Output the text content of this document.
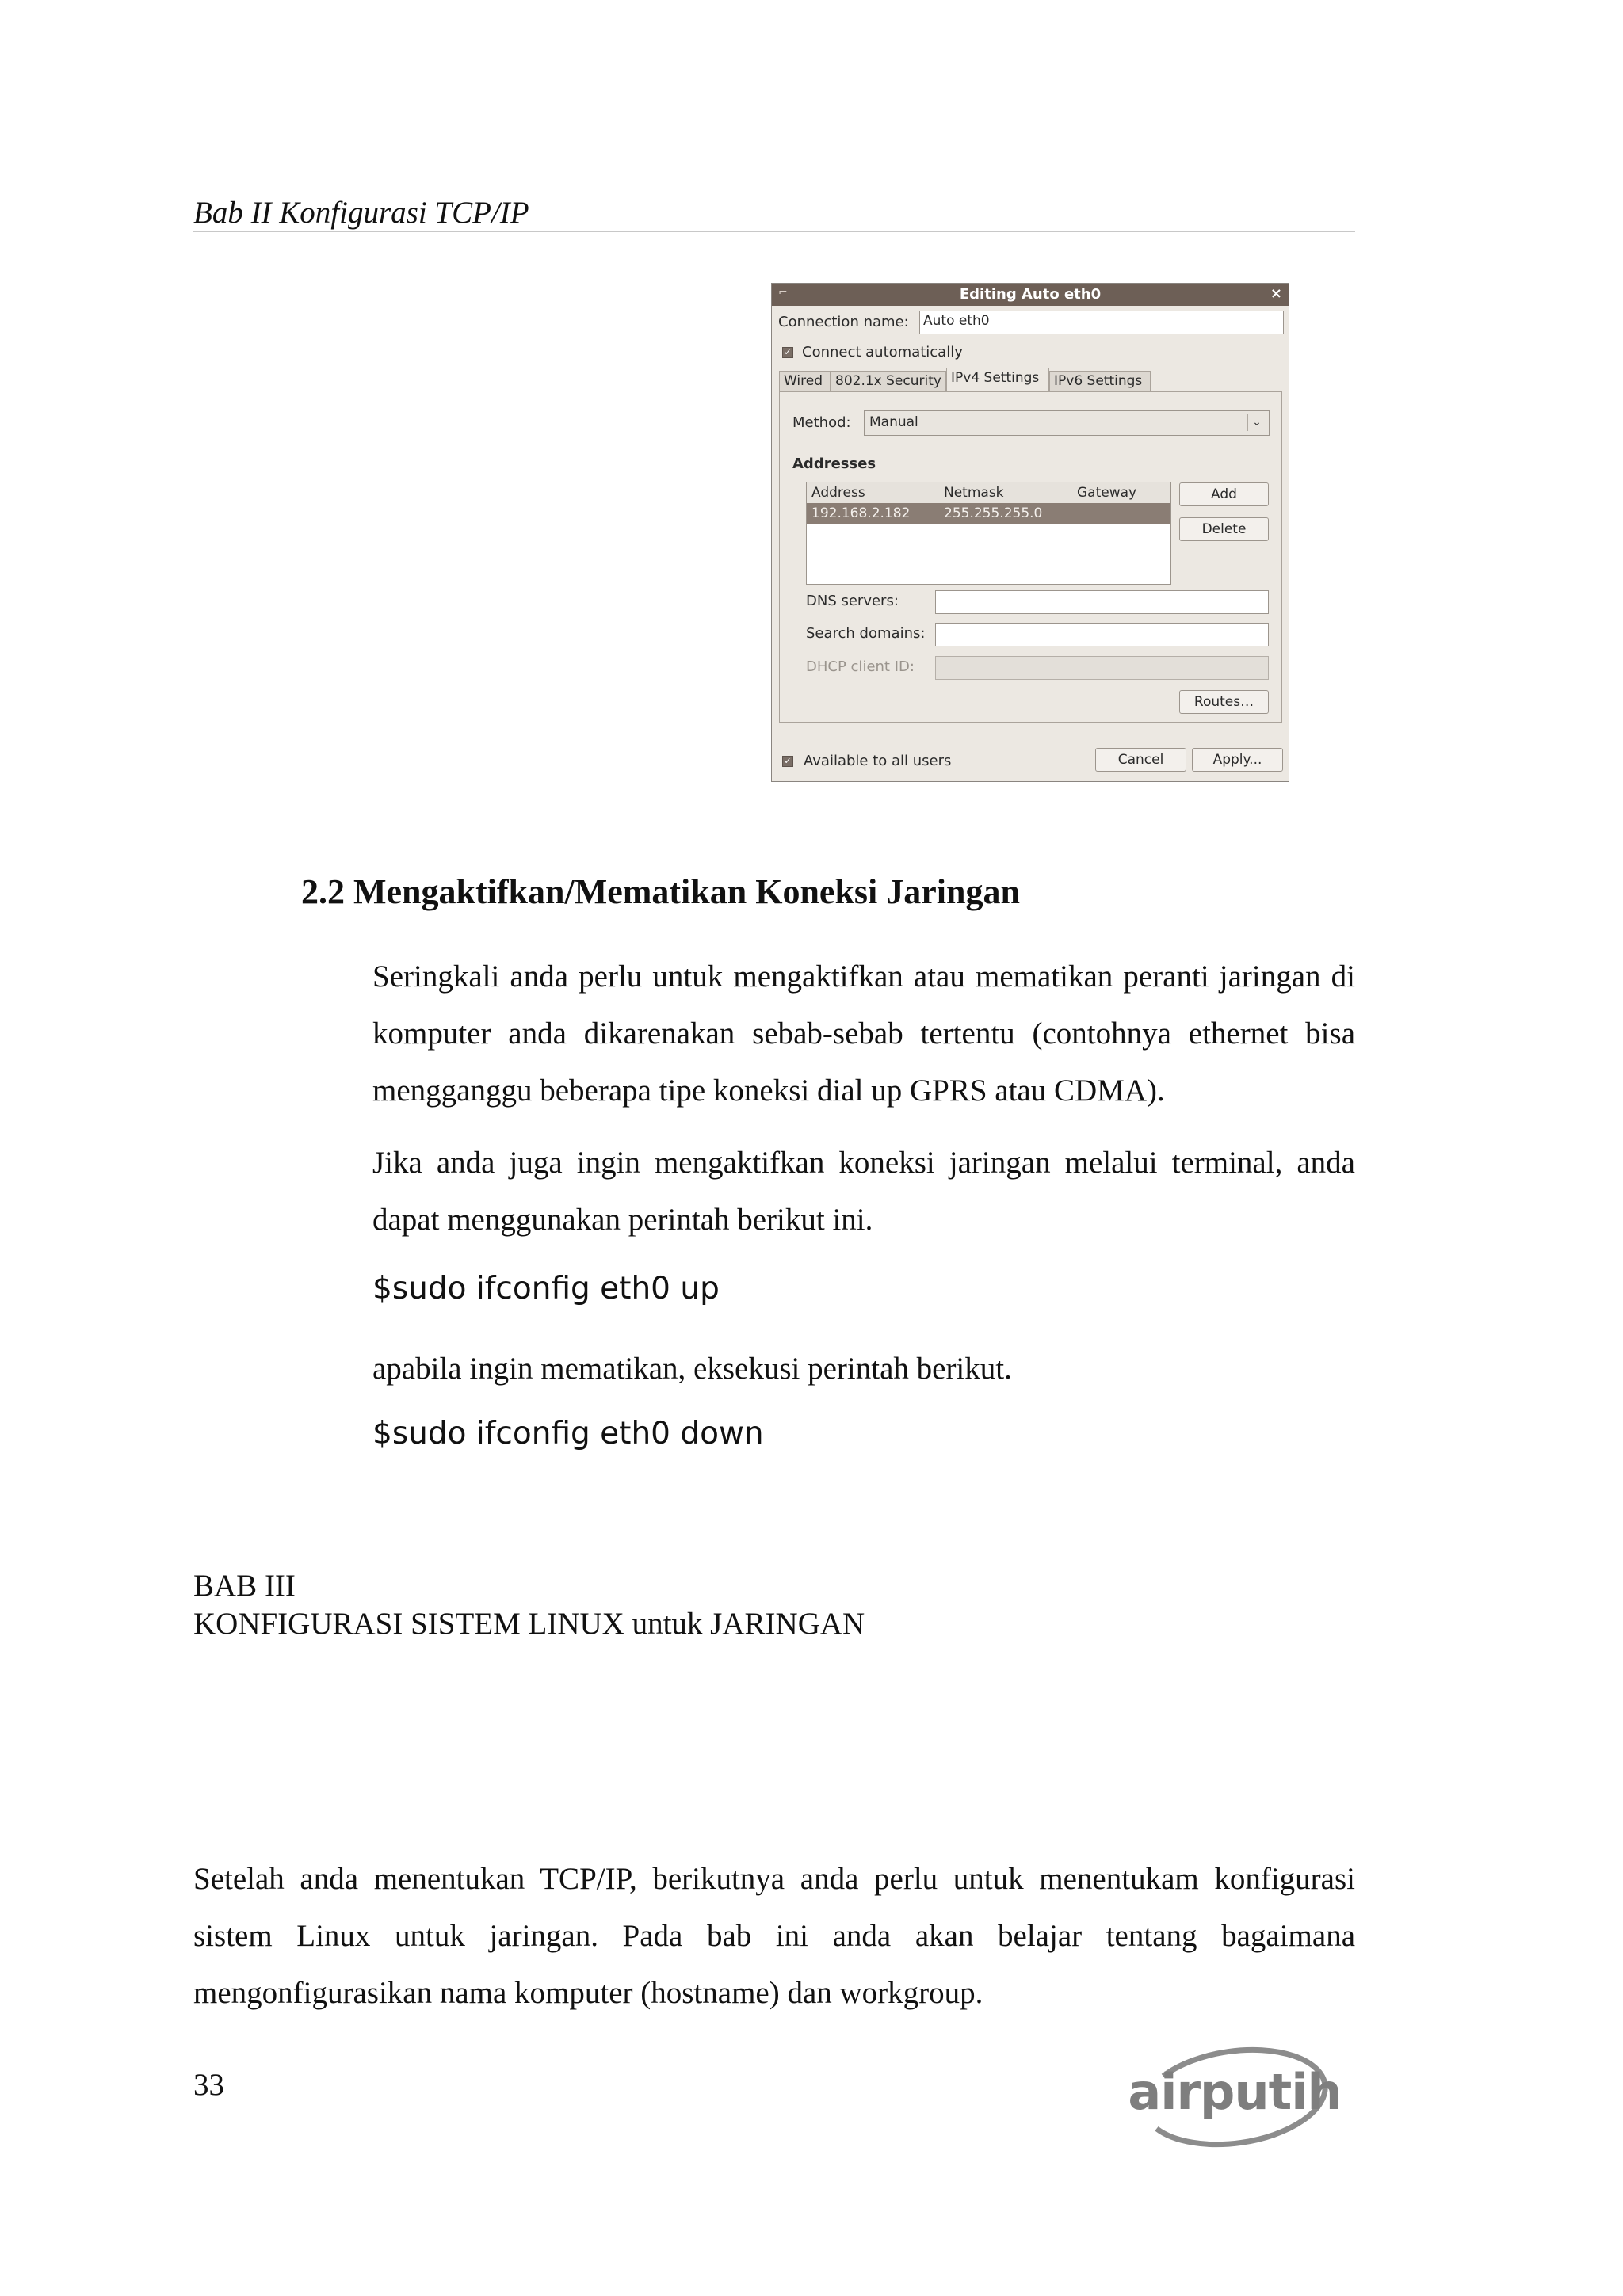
Bab II Konfigurasi TCP/IP
⌐	Editing Auto eth0	×
Connection name: Auto eth0
✓ Connect automatically
Wired 802.1x Security IPv4 Settings	IPv6 Settings
Method:	Manual	⌄
Addresses
Address	Netmask	Gateway
192.168.2.182	255.255.255.0
Add
Delete
DNS servers:
Search domains:
DHCP client ID:
Routes…
✓ Available to all users	Cancel	Apply...
2.2 Mengaktifkan/Mematikan Koneksi Jaringan
Seringkali anda perlu untuk mengaktifkan atau mematikan peranti jaringan di komputer anda dikarenakan sebab-sebab tertentu (contohnya ethernet bisa mengganggu beberapa tipe koneksi dial up GPRS atau CDMA).
Jika anda juga ingin mengaktifkan koneksi jaringan melalui terminal, anda dapat menggunakan perintah berikut ini.
$sudo ifconfig eth0 up
apabila ingin mematikan, eksekusi perintah berikut.
$sudo ifconfig eth0 down
BAB III
KONFIGURASI SISTEM LINUX untuk JARINGAN
Setelah anda menentukan TCP/IP, berikutnya anda perlu untuk menentukam konfigurasi sistem Linux untuk jaringan. Pada bab ini anda akan belajar tentang bagaimana mengonfigurasikan nama komputer (hostname) dan workgroup.
33	airputih
